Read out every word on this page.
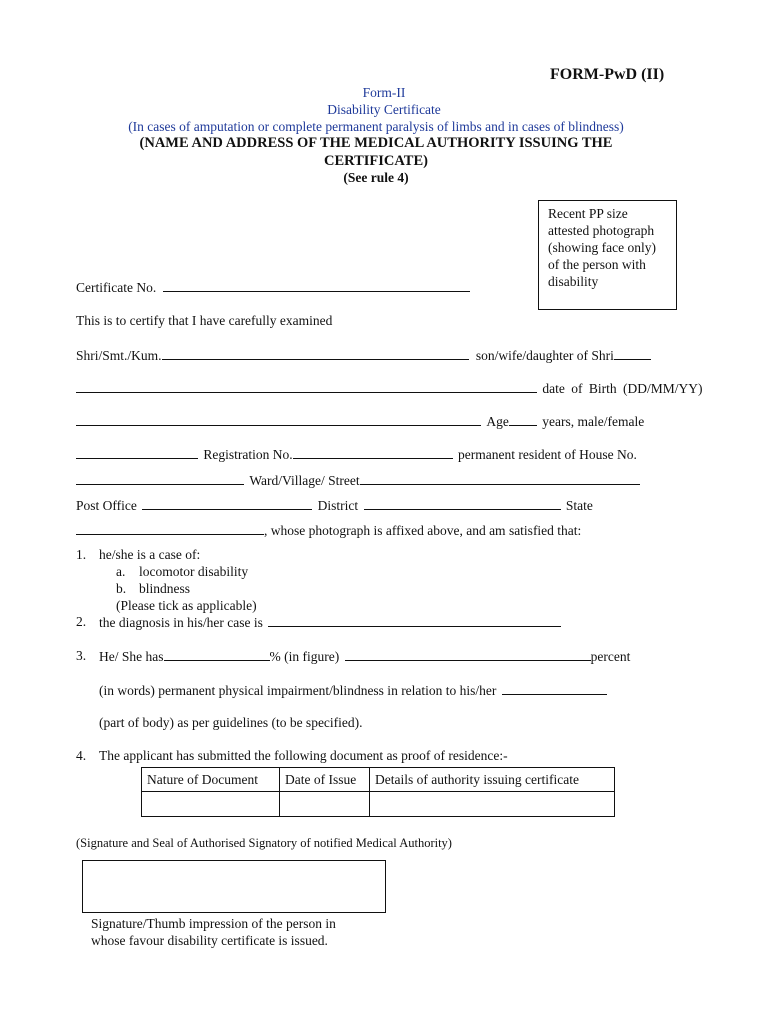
FORM-PwD (II)
Form-II
Disability Certificate
(In cases of amputation or complete permanent paralysis of limbs and in cases of blindness)
(NAME AND ADDRESS OF THE MEDICAL AUTHORITY ISSUING THE
CERTIFICATE)
(See rule 4)
Recent PP size attested photograph (showing face only) of the person with disability
Certificate No.
This is to certify that I have carefully examined
Shri/Smt./Kum.	son/wife/daughter of Shri
date of Birth (DD/MM/YY)
Age years, male/female
Registration No.	permanent resident of House No.
Ward/Village/ Street
Post Office	District	State
, whose photograph is affixed above, and am satisfied that:
1. he/she is a case of:
a. locomotor disability
b. blindness
(Please tick as applicable)
2. the diagnosis in his/her case is
3. He/ She has	% (in figure)	percent
(in words) permanent physical impairment/blindness in relation to his/her
(part of body) as per guidelines (to be specified).
4. The applicant has submitted the following document as proof of residence:-
Nature of Document	Date of Issue	Details of authority issuing certificate

(Signature and Seal of Authorised Signatory of notified Medical Authority)
Signature/Thumb impression of the person in
whose favour disability certificate is issued.
